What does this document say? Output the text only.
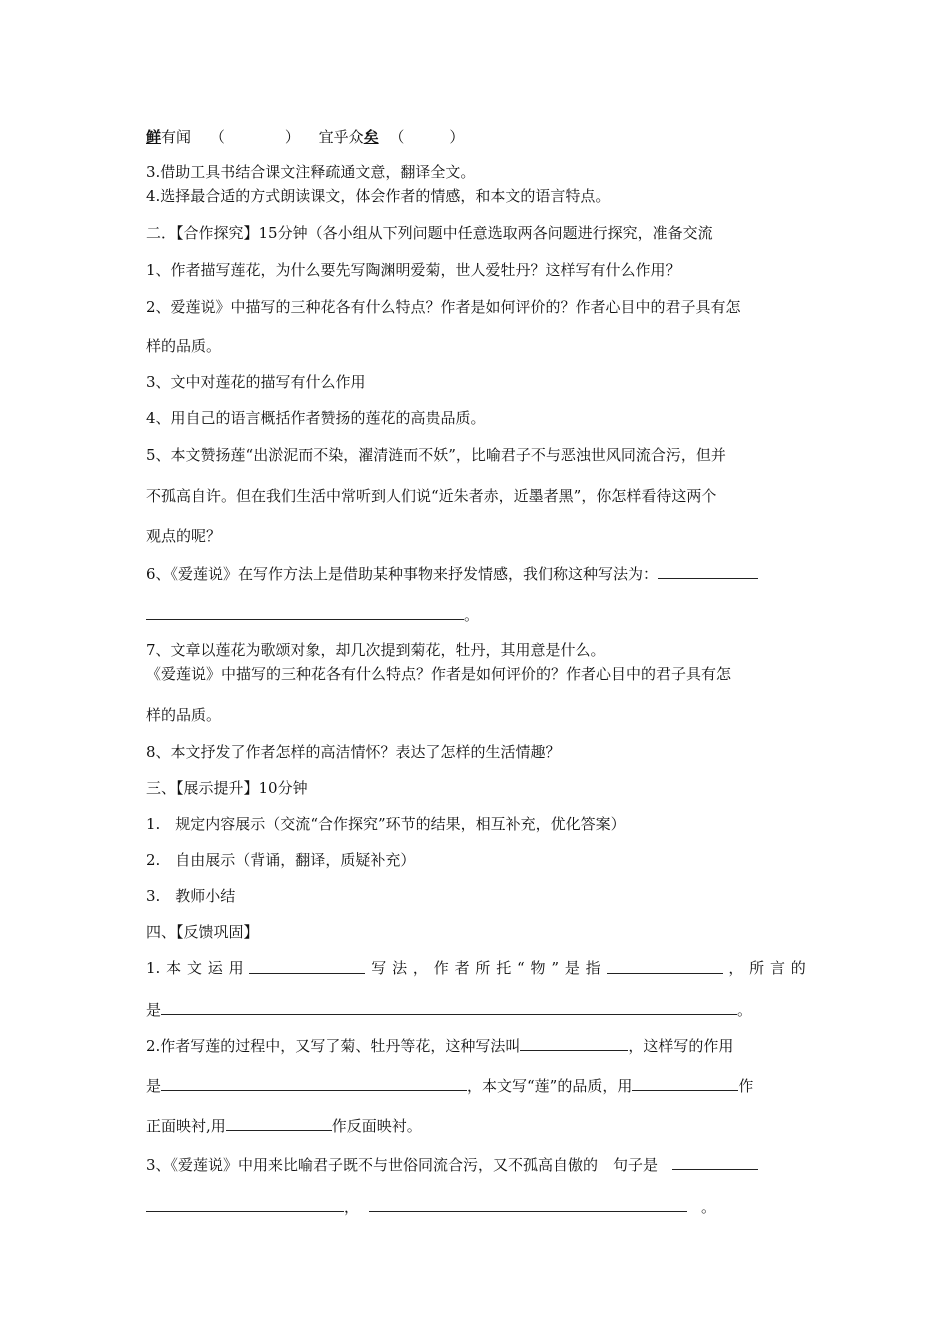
鲜有闻 （　　　　） 宜乎众矣 （　　　）
3.借助工具书结合课文注释疏通文意，翻译全文。
4.选择最合适的方式朗读课文，体会作者的情感，和本文的语言特点。
二．【合作探究】15分钟（各小组从下列问题中任意选取两各问题进行探究，准备交流
1、作者描写莲花，为什么要先写陶渊明爱菊，世人爱牡丹？这样写有什么作用？
2、爱莲说》中描写的三种花各有什么特点？作者是如何评价的？作者心目中的君子具有怎
样的品质。
3、文中对莲花的描写有什么作用
4、用自己的语言概括作者赞扬的莲花的高贵品质。
5、本文赞扬莲“出淤泥而不染，濯清涟而不妖”，比喻君子不与恶浊世风同流合污，但并
不孤高自许。但在我们生活中常听到人们说“近朱者赤，近墨者黑”，你怎样看待这两个
观点的呢？
6、《爱莲说》在写作方法上是借助某种事物来抒发情感，我们称这种写法为：
。
7、文章以莲花为歌颂对象，却几次提到菊花，牡丹，其用意是什么。
《爱莲说》中描写的三种花各有什么特点？作者是如何评价的？作者心目中的君子具有怎
样的品质。
8、本文抒发了作者怎样的高洁情怀？表达了怎样的生活情趣？
三、【展示提升】10分钟
1.　规定内容展示（交流“合作探究”环节的结果，相互补充，优化答案）
2.　自由展示（背诵，翻译，质疑补充）
3.　教师小结
四、【反馈巩固】
1. 本 文 运 用	写 法 ， 作 者 所 托 “ 物 ” 是 指	， 所 言 的
是	。
2.作者写莲的过程中，又写了菊、牡丹等花，这种写法叫	，这样写的作用
是	，本文写“莲”的品质，用	作
正面映衬,用	作反面映衬。
3、《爱莲说》中用来比喻君子既不与世俗同流合污，又不孤高自傲的　句子是
，	。
